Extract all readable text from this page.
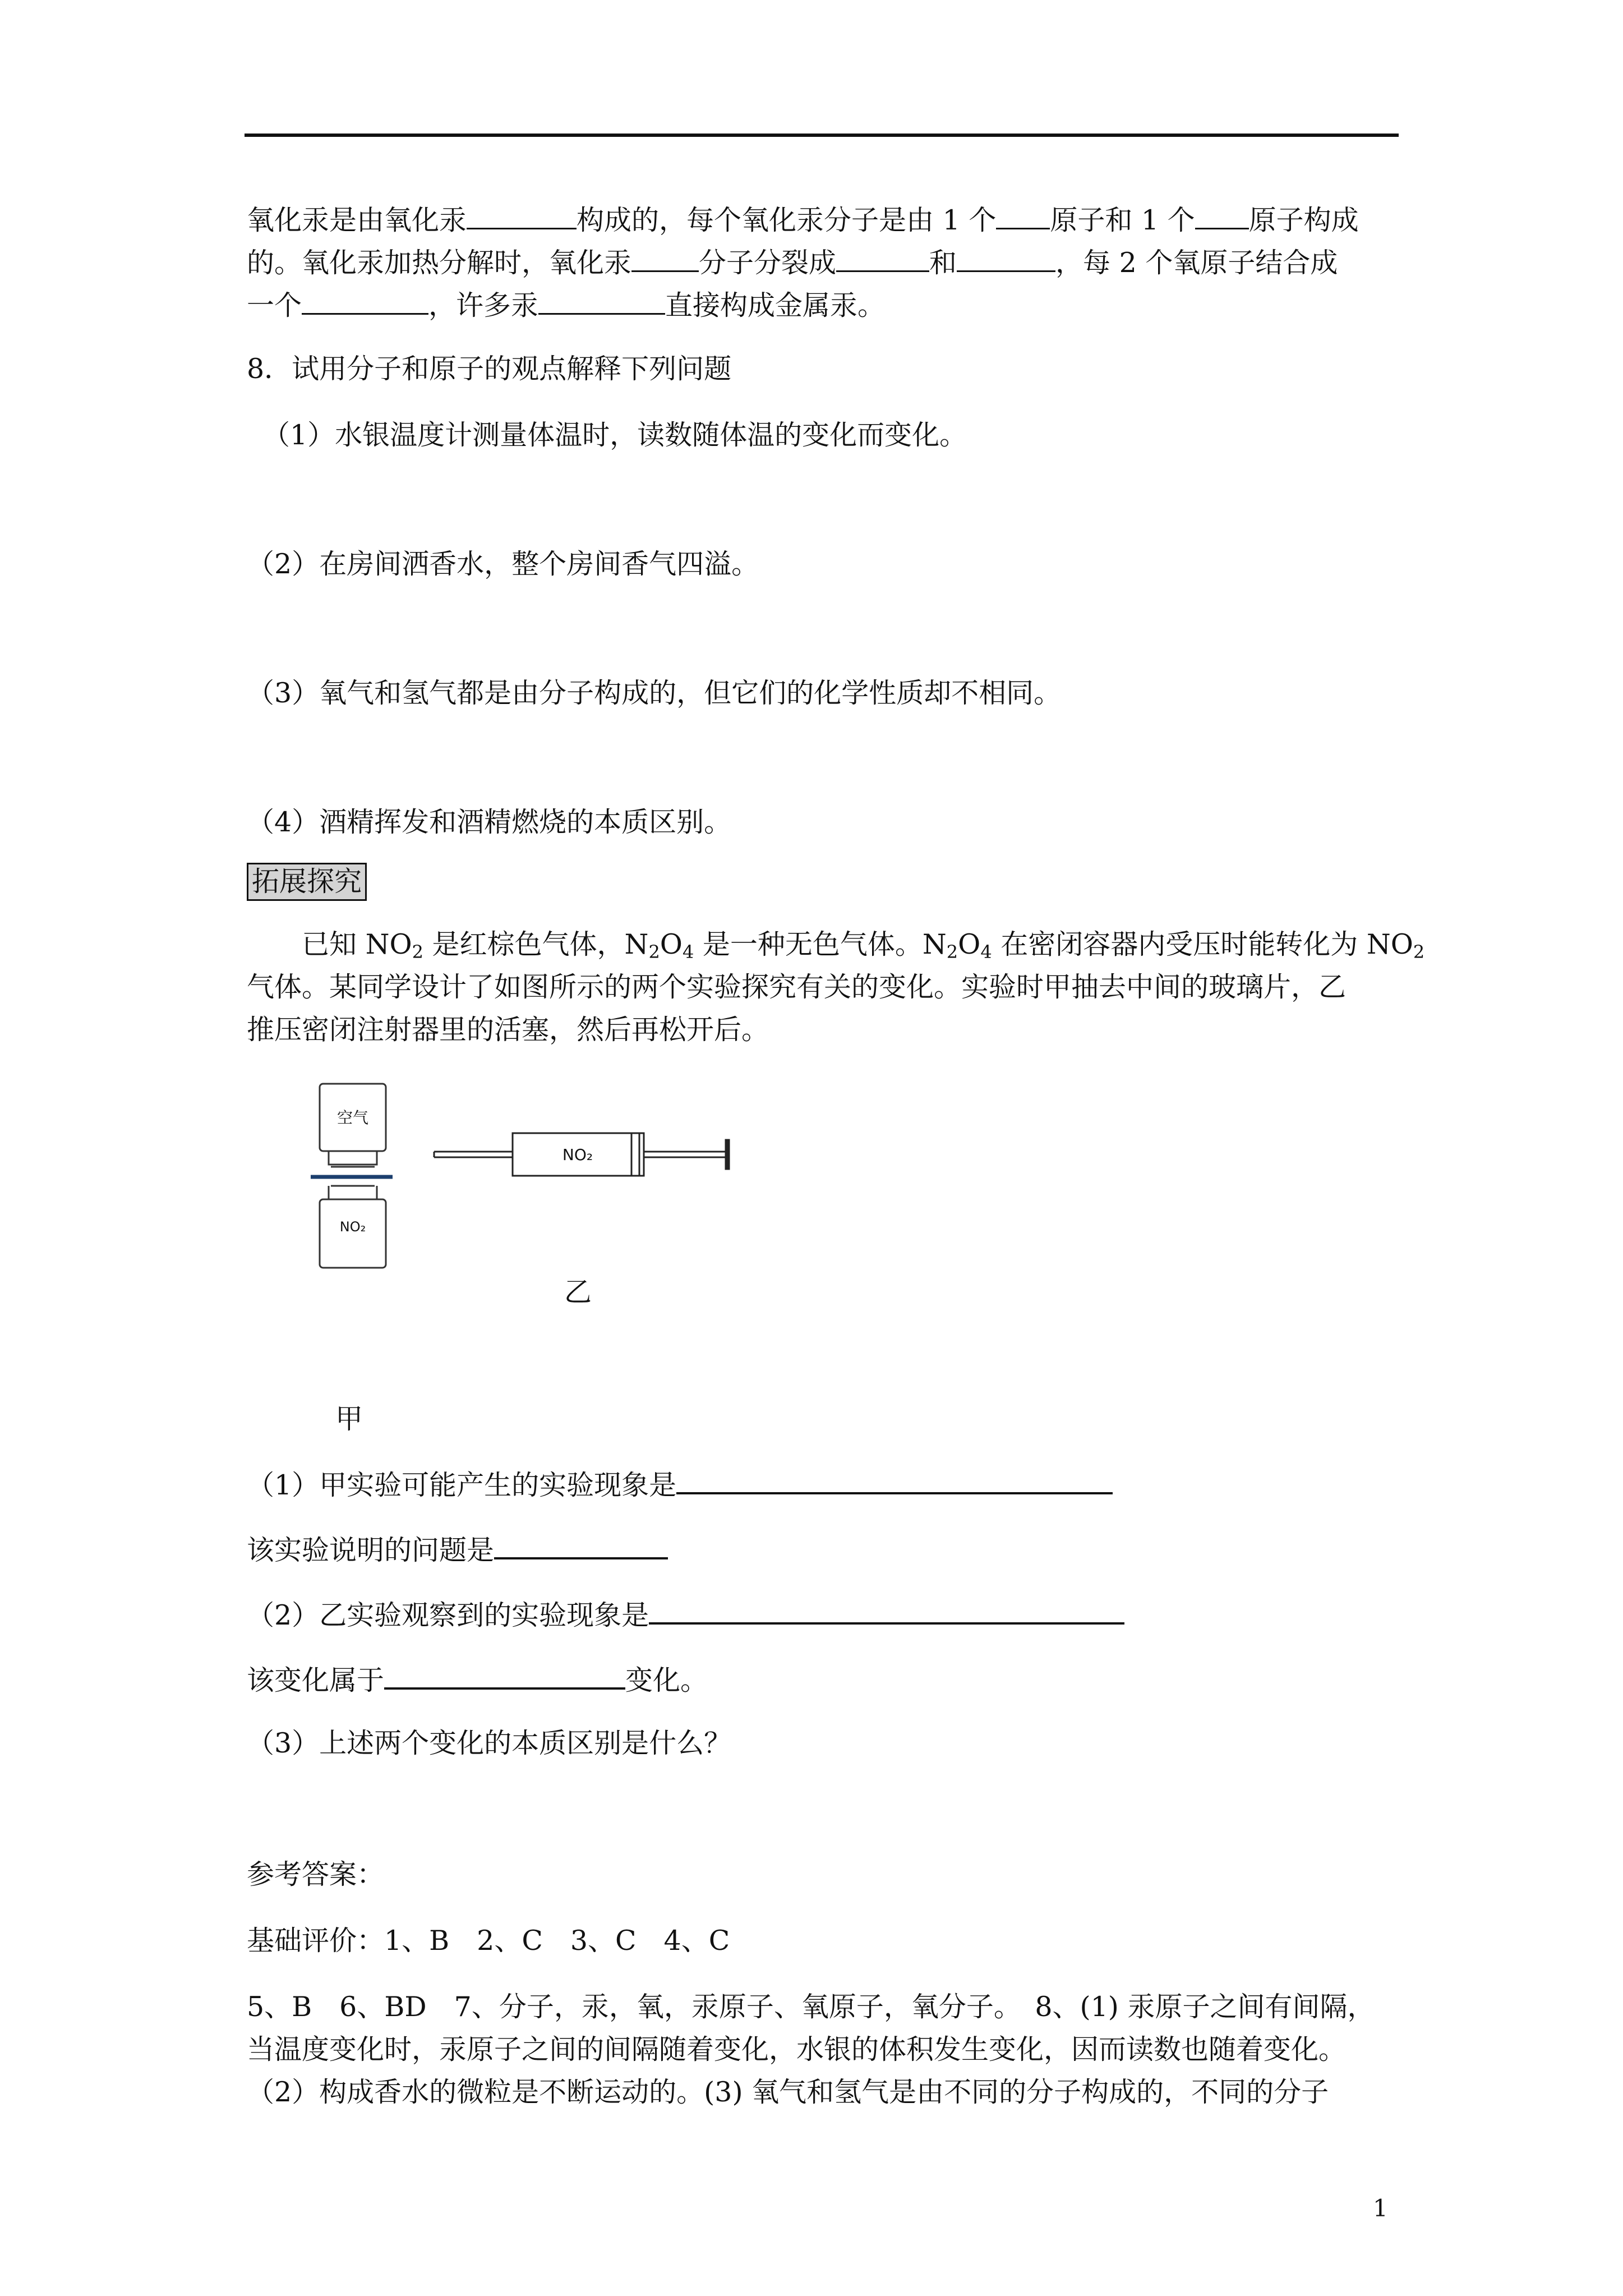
氧化汞是由氧化汞	构成的，每个氧化汞分子是由 1 个 原子和 1 个 原子构成
的。氧化汞加热分解时，氧化汞 分子分裂成	和	，每 2 个氧原子结合成
一个	，许多汞	直接构成金属汞。
8．试用分子和原子的观点解释下列问题
（1）水银温度计测量体温时，读数随体温的变化而变化。
（2）在房间洒香水，整个房间香气四溢。
（3）氧气和氢气都是由分子构成的，但它们的化学性质却不相同。
（4）酒精挥发和酒精燃烧的本质区别。
拓展探究
已知 $NO_2$ 是红棕色气体，$N_2O_4$ 是一种无色气体。$N_2O_4$ 在密闭容器内受压时能转化为 $NO_2$
气体。某同学设计了如图所示的两个实验探究有关的变化。实验时甲抽去中间的玻璃片，乙
推压密闭注射器里的活塞，然后再松开后。
空气
NO₂
NO₂
乙
甲
（1）甲实验可能产生的实验现象是
该实验说明的问题是
（2）乙实验观察到的实验现象是
该变化属于	变化。
（3）上述两个变化的本质区别是什么？
参考答案：
基础评价：1、B　2、C　3、C　4、C
5、B　6、BD　7、分子，汞，氧，汞原子、氧原子，氧分子。　8、(1) 汞原子之间有间隔，
当温度变化时，汞原子之间的间隔随着变化，水银的体积发生变化，因而读数也随着变化。
（2）构成香水的微粒是不断运动的。(3) 氧气和氢气是由不同的分子构成的，不同的分子
1
